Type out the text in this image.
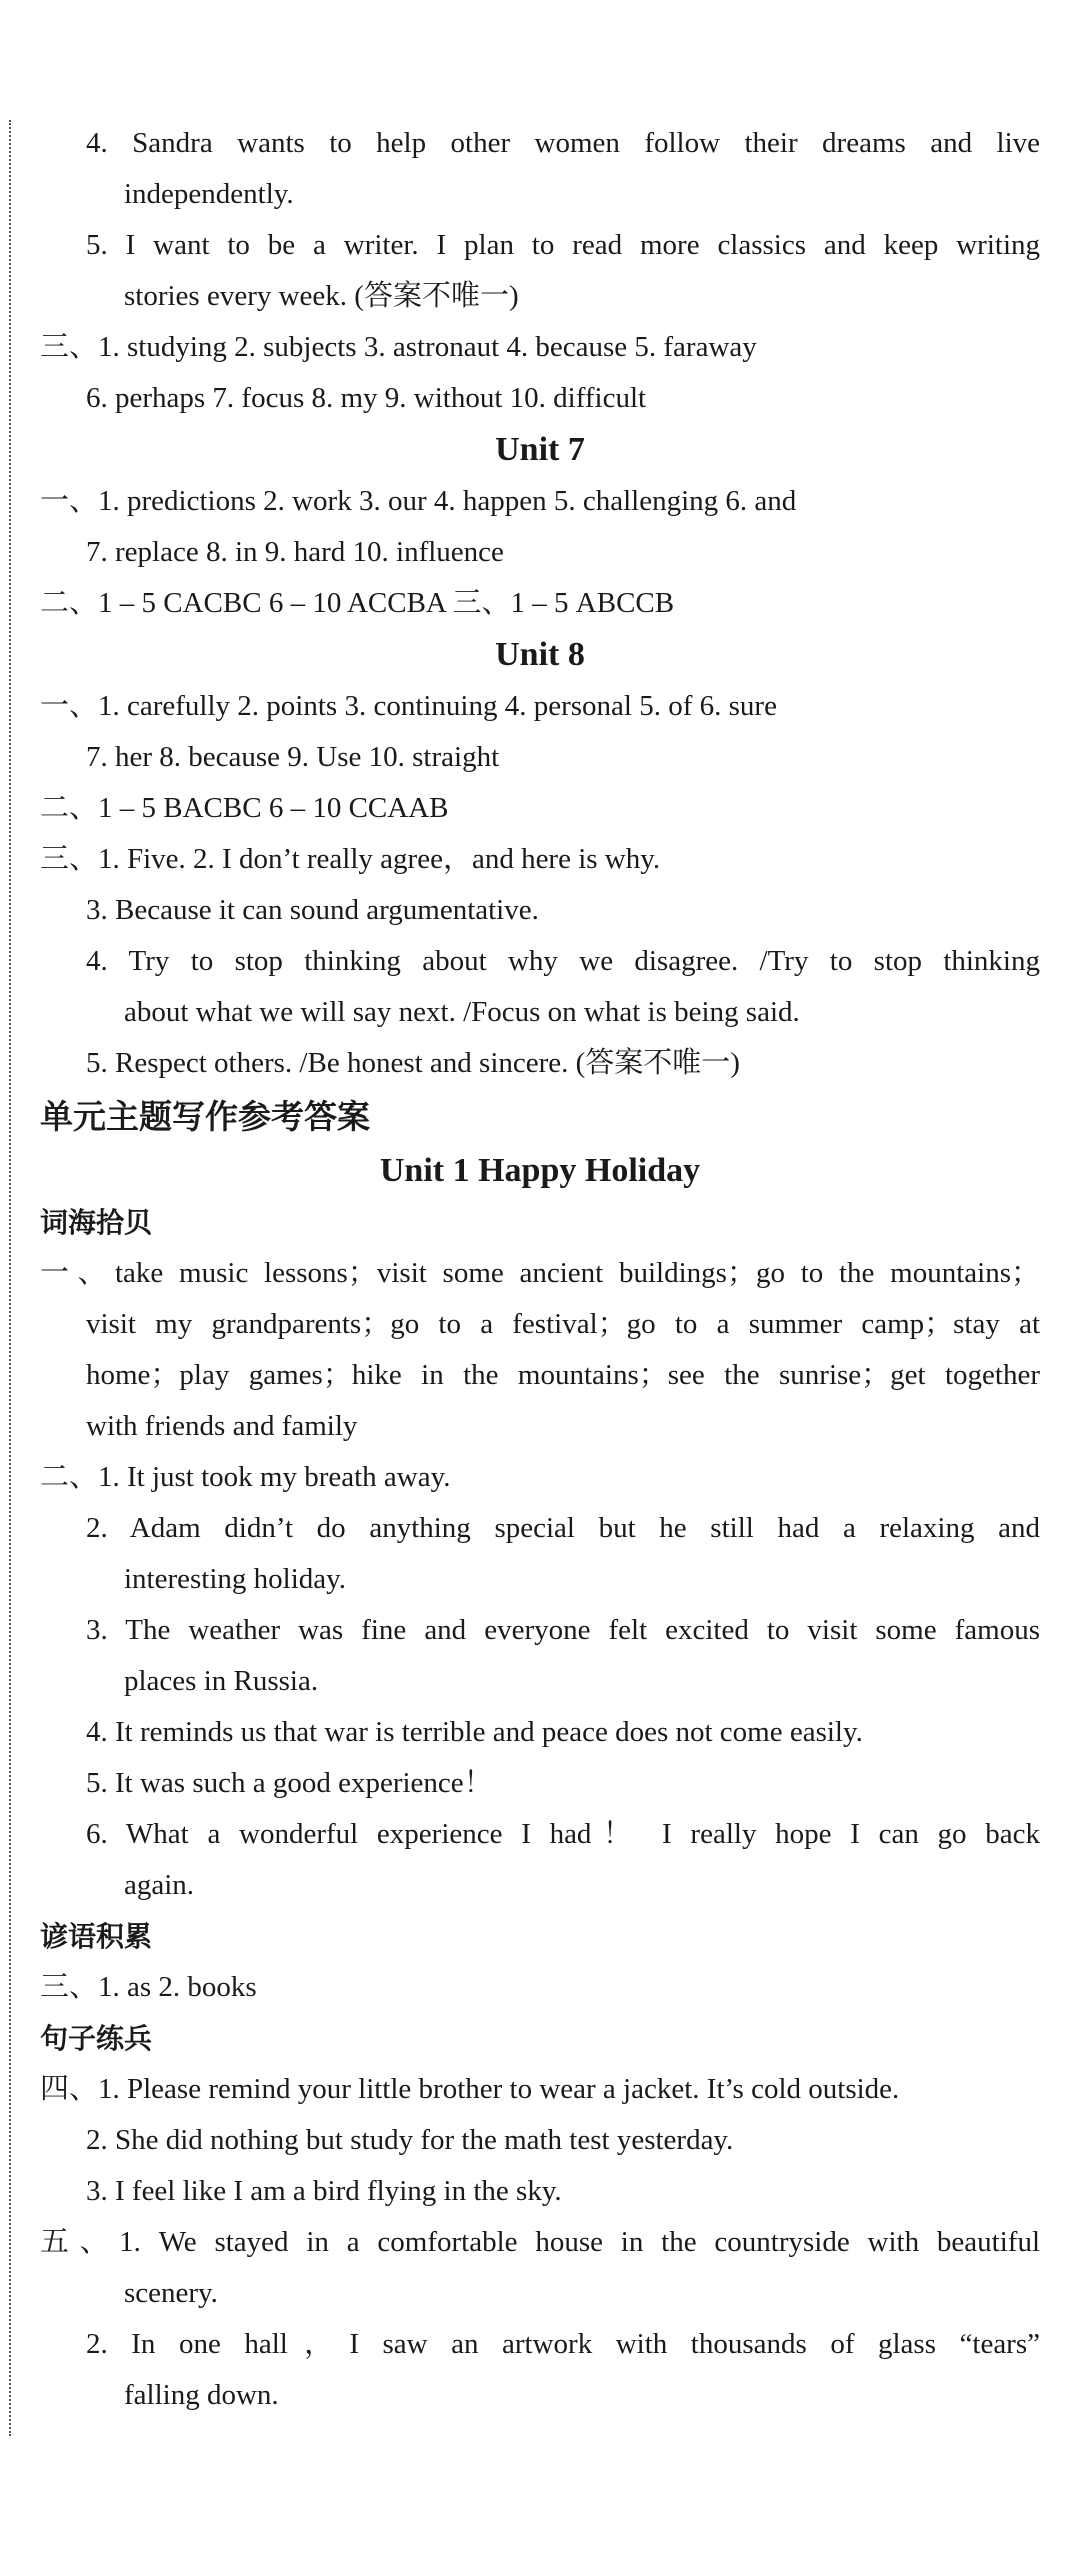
4. Sandra wants to help other women follow their dreams and live
independently.
5. I want to be a writer. I plan to read more classics and keep writing
stories every week. (答案不唯一)
三、1. studying 2. subjects 3. astronaut 4. because 5. faraway
6. perhaps 7. focus 8. my 9. without 10. difficult
Unit 7
一、1. predictions 2. work 3. our 4. happen 5. challenging 6. and
7. replace 8. in 9. hard 10. influence
二、1 – 5 CACBC 6 – 10 ACCBA 三、1 – 5 ABCCB
Unit 8
一、1. carefully 2. points 3. continuing 4. personal 5. of 6. sure
7. her 8. because 9. Use 10. straight
二、1 – 5 BACBC 6 – 10 CCAAB
三、1. Five. 2. I don’t really agree，and here is why.
3. Because it can sound argumentative.
4. Try to stop thinking about why we disagree. /Try to stop thinking
about what we will say next. /Focus on what is being said.
5. Respect others. /Be honest and sincere. (答案不唯一)
单元主题写作参考答案
Unit 1 Happy Holiday
词海拾贝
一、take music lessons；visit some ancient buildings；go to the mountains；
visit my grandparents；go to a festival；go to a summer camp；stay at
home；play games；hike in the mountains；see the sunrise；get together
with friends and family
二、1. It just took my breath away.
2. Adam didn’t do anything special but he still had a relaxing and
interesting holiday.
3. The weather was fine and everyone felt excited to visit some famous
places in Russia.
4. It reminds us that war is terrible and peace does not come easily.
5. It was such a good experience！
6. What a wonderful experience I had！ I really hope I can go back
again.
谚语积累
三、1. as 2. books
句子练兵
四、1. Please remind your little brother to wear a jacket. It’s cold outside.
2. She did nothing but study for the math test yesterday.
3. I feel like I am a bird flying in the sky.
五、1. We stayed in a comfortable house in the countryside with beautiful
scenery.
2. In one hall，I saw an artwork with thousands of glass “tears”
falling down.
